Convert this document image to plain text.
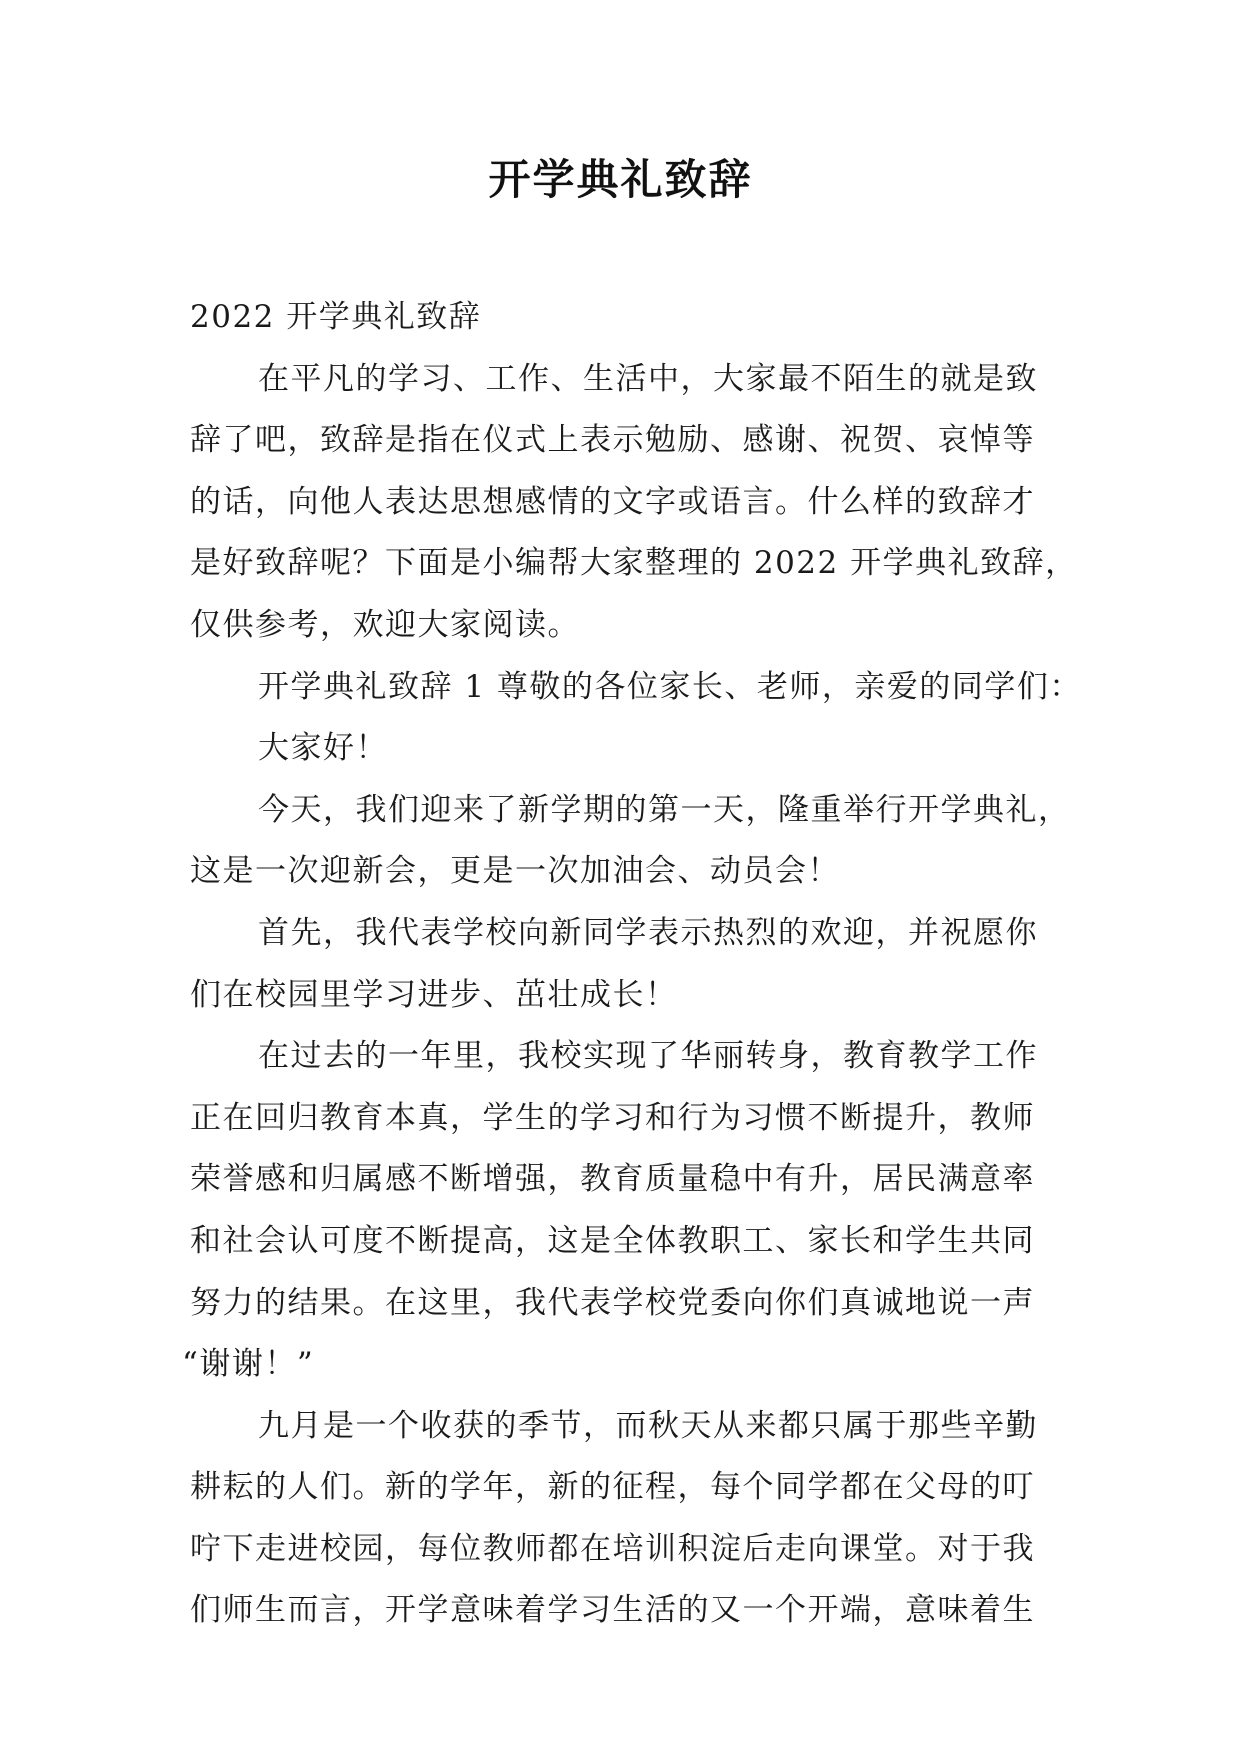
开学典礼致辞
2022 开学典礼致辞
在平凡的学习、工作、生活中，大家最不陌生的就是致
辞了吧，致辞是指在仪式上表示勉励、感谢、祝贺、哀悼等
的话，向他人表达思想感情的文字或语言。什么样的致辞才
是好致辞呢？下面是小编帮大家整理的 2022 开学典礼致辞，
仅供参考，欢迎大家阅读。
开学典礼致辞 1 尊敬的各位家长、老师，亲爱的同学们：
大家好！
今天，我们迎来了新学期的第一天，隆重举行开学典礼，
这是一次迎新会，更是一次加油会、动员会！
首先，我代表学校向新同学表示热烈的欢迎，并祝愿你
们在校园里学习进步、茁壮成长！
在过去的一年里，我校实现了华丽转身，教育教学工作
正在回归教育本真，学生的学习和行为习惯不断提升，教师
荣誉感和归属感不断增强，教育质量稳中有升，居民满意率
和社会认可度不断提高，这是全体教职工、家长和学生共同
努力的结果。在这里，我代表学校党委向你们真诚地说一声
“谢谢！”
九月是一个收获的季节，而秋天从来都只属于那些辛勤
耕耘的人们。新的学年，新的征程，每个同学都在父母的叮
咛下走进校园，每位教师都在培训积淀后走向课堂。对于我
们师生而言，开学意味着学习生活的又一个开端，意味着生
